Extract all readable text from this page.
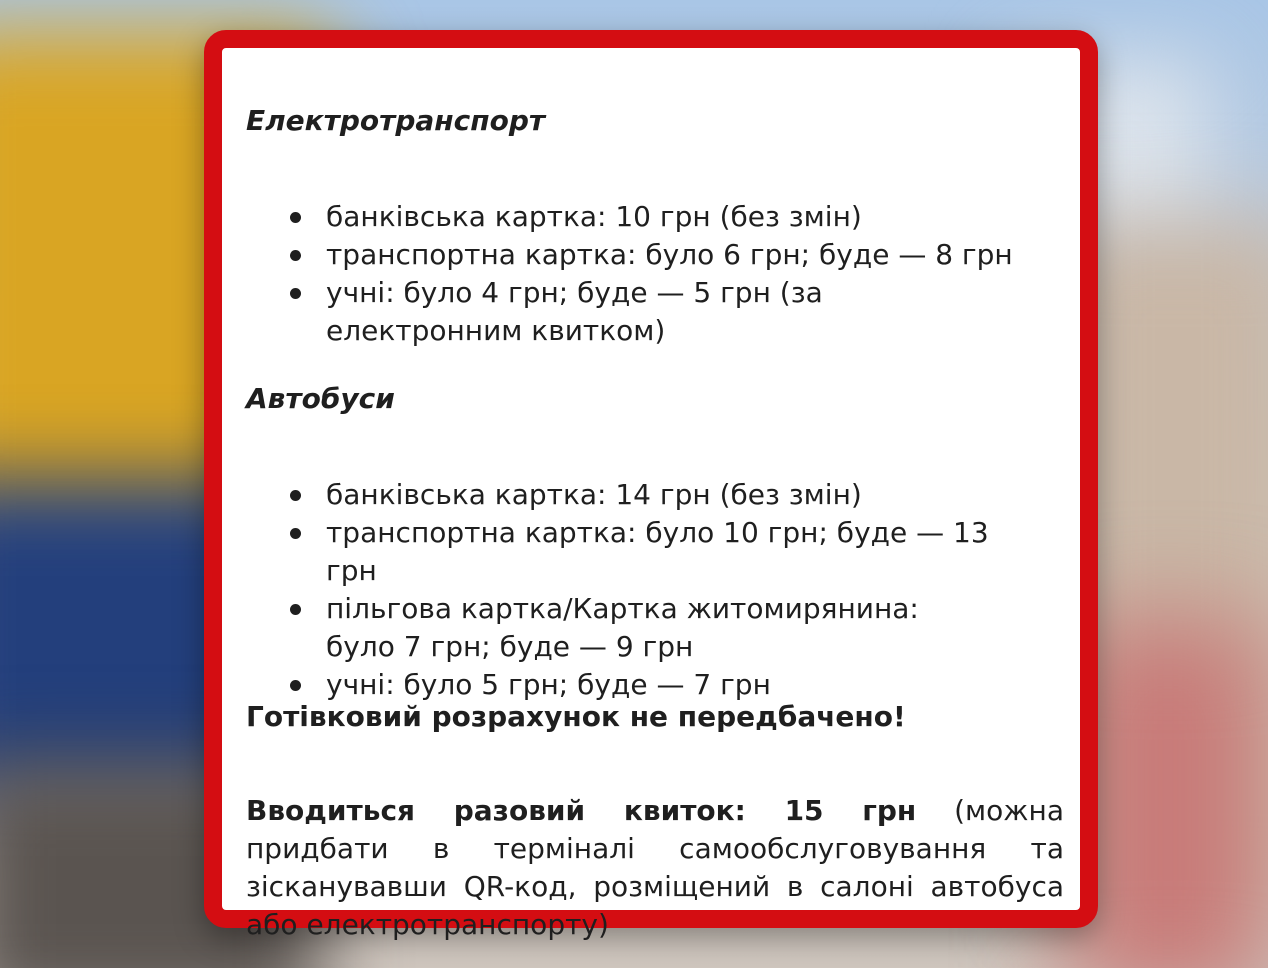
Електротранспорт

банківська картка: 10 грн (без змін)
транспортна картка: було 6 грн; буде — 8 грн
учні: було 4 грн; буде — 5 грн (за електронним квитком)

Автобуси

банківська картка: 14 грн (без змін)
транспортна картка: було 10 грн; буде — 13 грн
пільгова картка/Картка житомирянина: було 7 грн; буде — 9 грн
учні: було 5 грн; буде — 7 грн

Готівковий розрахунок не передбачено!

Вводиться разовий квиток: 15 грн (можна придбати в терміналі самообслуговування та зісканувавши QR-код, розміщений в салоні автобуса або електротранспорту)
